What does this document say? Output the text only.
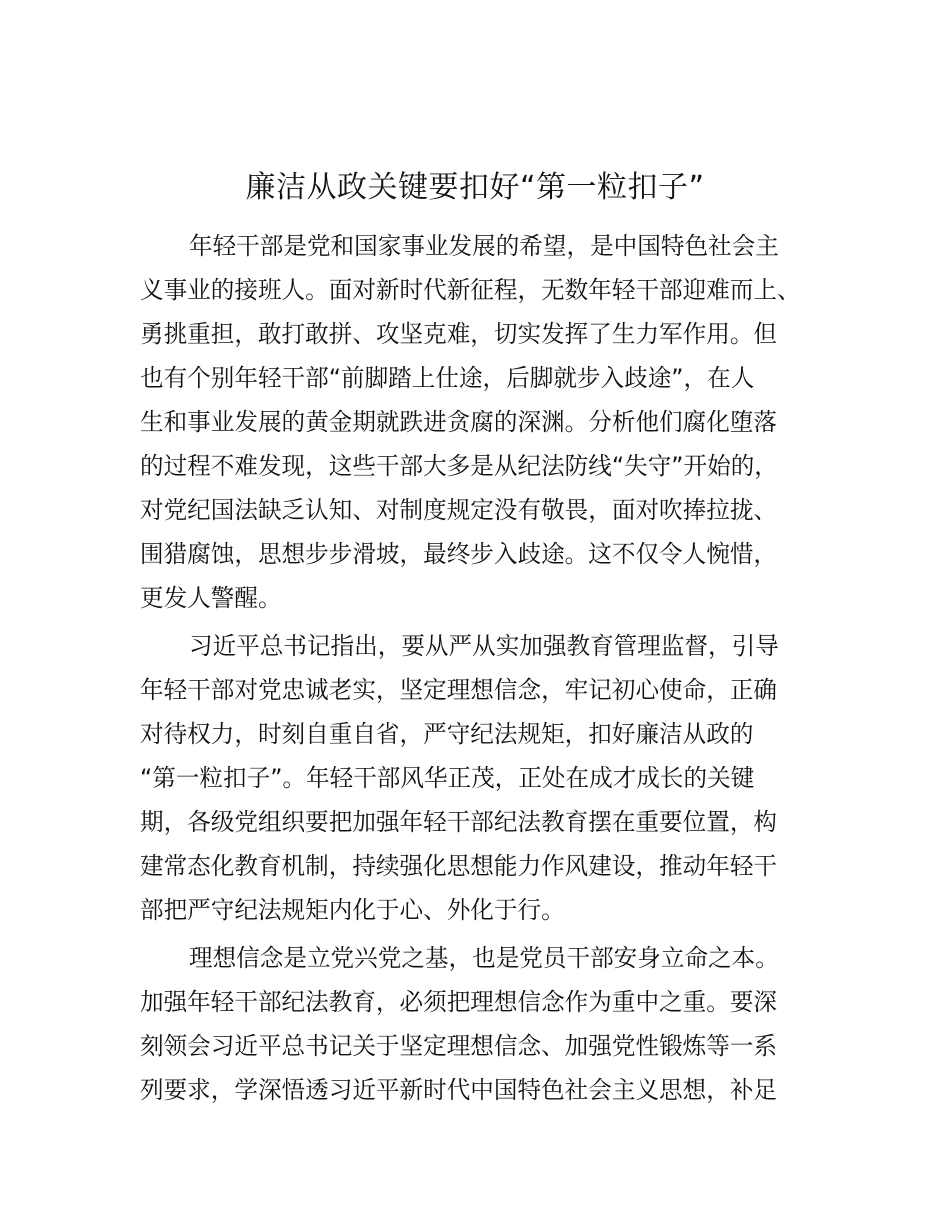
廉洁从政关键要扣好“第一粒扣子”
年轻干部是党和国家事业发展的希望，是中国特色社会主
义事业的接班人。面对新时代新征程，无数年轻干部迎难而上、
勇挑重担，敢打敢拼、攻坚克难，切实发挥了生力军作用。但
也有个别年轻干部“前脚踏上仕途，后脚就步入歧途”，在人
生和事业发展的黄金期就跌进贪腐的深渊。分析他们腐化堕落
的过程不难发现，这些干部大多是从纪法防线“失守”开始的，
对党纪国法缺乏认知、对制度规定没有敬畏，面对吹捧拉拢、
围猎腐蚀，思想步步滑坡，最终步入歧途。这不仅令人惋惜，
更发人警醒。
习近平总书记指出，要从严从实加强教育管理监督，引导
年轻干部对党忠诚老实，坚定理想信念，牢记初心使命，正确
对待权力，时刻自重自省，严守纪法规矩，扣好廉洁从政的
“第一粒扣子”。年轻干部风华正茂，正处在成才成长的关键
期，各级党组织要把加强年轻干部纪法教育摆在重要位置，构
建常态化教育机制，持续强化思想能力作风建设，推动年轻干
部把严守纪法规矩内化于心、外化于行。
理想信念是立党兴党之基，也是党员干部安身立命之本。
加强年轻干部纪法教育，必须把理想信念作为重中之重。要深
刻领会习近平总书记关于坚定理想信念、加强党性锻炼等一系
列要求，学深悟透习近平新时代中国特色社会主义思想，补足
